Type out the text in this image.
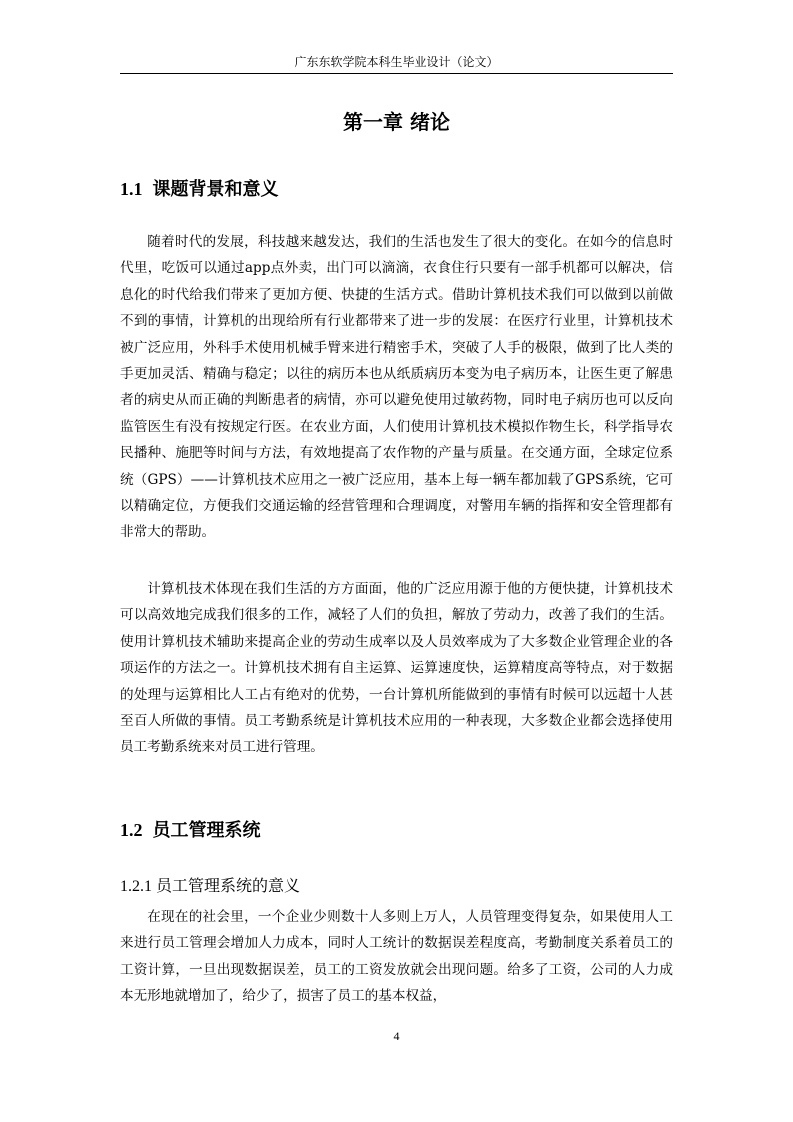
广东东软学院本科生毕业设计（论文）
第一章 绪论
1.1 课题背景和意义

随着时代的发展，科技越来越发达，我们的生活也发生了很大的变化。在如今的信息时代里，吃饭可以通过app点外卖，出门可以滴滴，衣食住行只要有一部手机都可以解决，信息化的时代给我们带来了更加方便、快捷的生活方式。借助计算机技术我们可以做到以前做不到的事情，计算机的出现给所有行业都带来了进一步的发展：在医疗行业里，计算机技术被广泛应用，外科手术使用机械手臂来进行精密手术，突破了人手的极限，做到了比人类的手更加灵活、精确与稳定；以往的病历本也从纸质病历本变为电子病历本，让医生更了解患者的病史从而正确的判断患者的病情，亦可以避免使用过敏药物，同时电子病历也可以反向监管医生有没有按规定行医。在农业方面，人们使用计算机技术模拟作物生长，科学指导农民播种、施肥等时间与方法，有效地提高了农作物的产量与质量。在交通方面，全球定位系统（GPS）——计算机技术应用之一被广泛应用，基本上每一辆车都加载了GPS系统，它可以精确定位，方便我们交通运输的经营管理和合理调度，对警用车辆的指挥和安全管理都有非常大的帮助。

计算机技术体现在我们生活的方方面面，他的广泛应用源于他的方便快捷，计算机技术可以高效地完成我们很多的工作，减轻了人们的负担，解放了劳动力，改善了我们的生活。使用计算机技术辅助来提高企业的劳动生成率以及人员效率成为了大多数企业管理企业的各项运作的方法之一。计算机技术拥有自主运算、运算速度快，运算精度高等特点，对于数据的处理与运算相比人工占有绝对的优势，一台计算机所能做到的事情有时候可以远超十人甚至百人所做的事情。员工考勤系统是计算机技术应用的一种表现，大多数企业都会选择使用员工考勤系统来对员工进行管理。

1.2 员工管理系统
1.2.1 员工管理系统的意义

在现在的社会里，一个企业少则数十人多则上万人，人员管理变得复杂，如果使用人工来进行员工管理会增加人力成本，同时人工统计的数据误差程度高，考勤制度关系着员工的工资计算，一旦出现数据误差，员工的工资发放就会出现问题。给多了工资，公司的人力成本无形地就增加了，给少了，损害了员工的基本权益，

4
